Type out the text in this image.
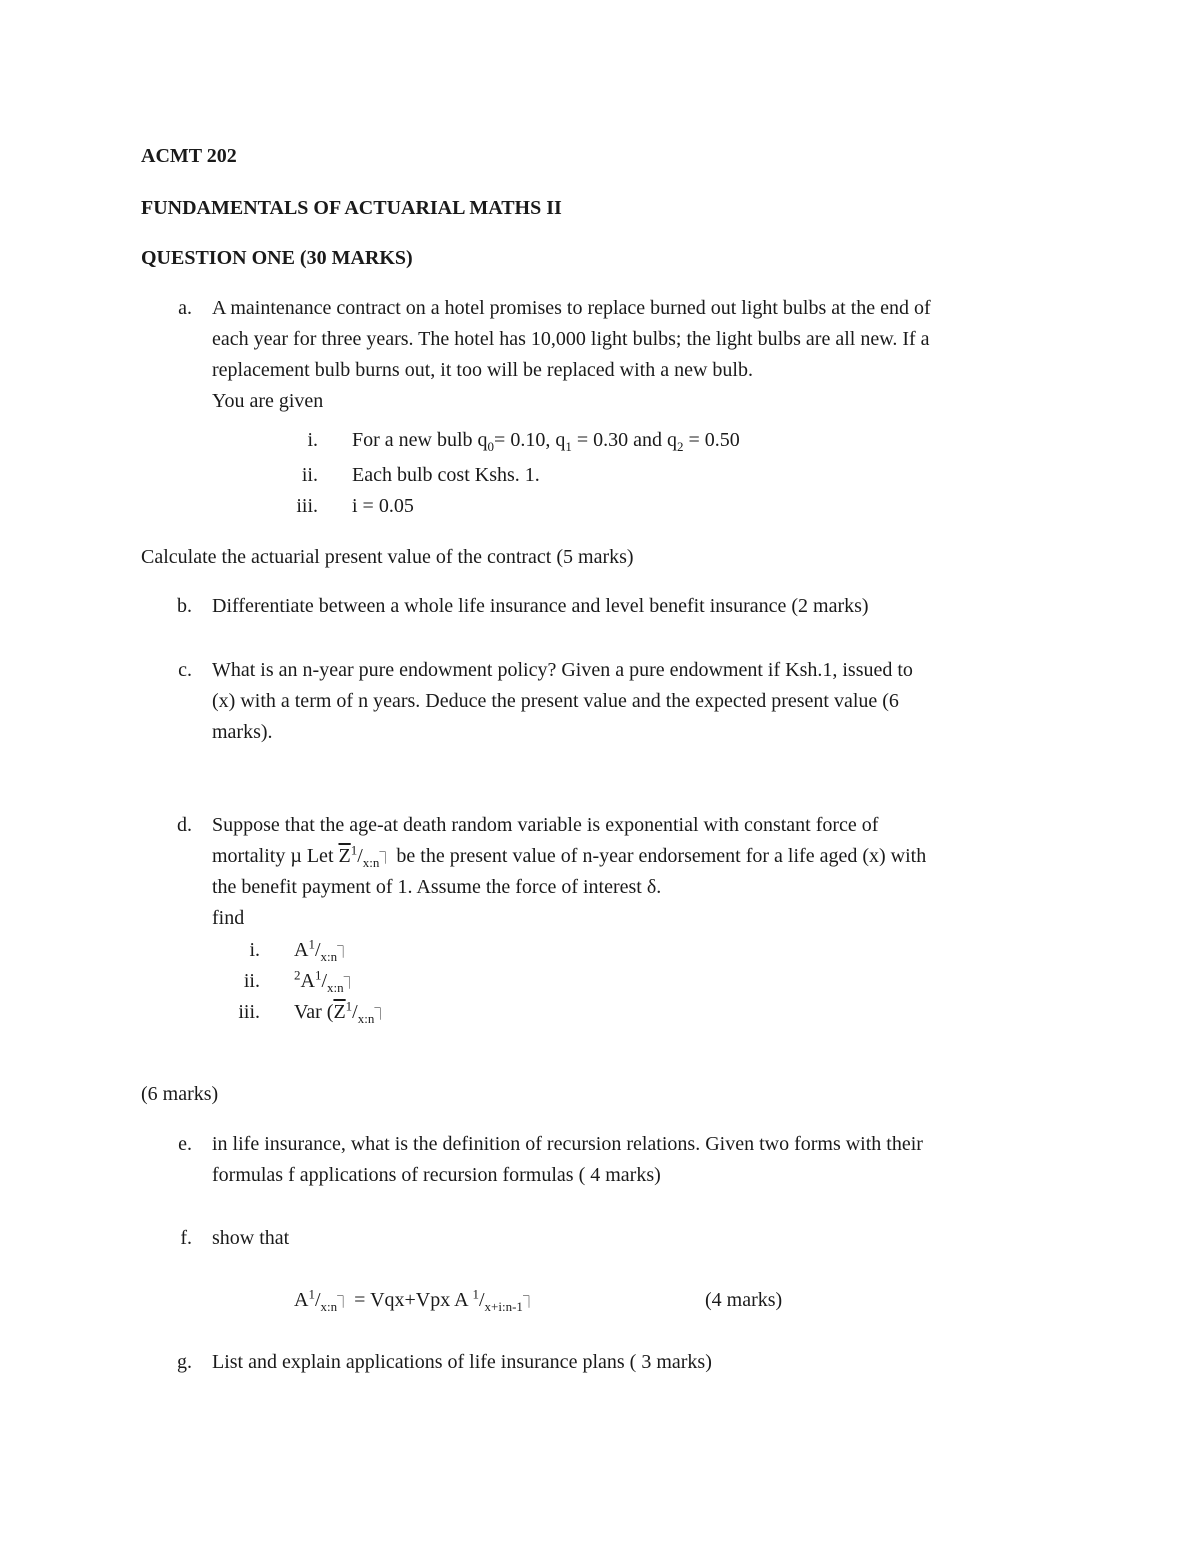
ACMT 202
FUNDAMENTALS OF ACTUARIAL MATHS II
QUESTION ONE (30 MARKS)
a. A maintenance contract on a hotel promises to replace burned out light bulbs at the end of
each year for three years. The hotel has 10,000 light bulbs; the light bulbs are all new. If a
replacement bulb burns out, it too will be replaced with a new bulb.
You are given
i. For a new bulb $q_0= 0.10$, $q_1 = 0.30$ and $q_2 = 0.50$
ii. Each bulb cost Kshs. 1.
iii. i = 0.05
Calculate the actuarial present value of the contract (5 marks)
b. Differentiate between a whole life insurance and level benefit insurance (2 marks)
c. What is an n-year pure endowment policy? Given a pure endowment if Ksh.1, issued to
(x) with a term of n years. Deduce the present value and the expected present value (6
marks).
d. Suppose that the age-at death random variable is exponential with constant force of
mortality µ Let $\overline{Z}^1/_{x:n}⏋$ be the present value of n-year endorsement for a life aged (x) with
the benefit payment of 1. Assume the force of interest δ.
find
i. $A^1/_{x:n}⏋$
ii.	$^2A^1/_{x:n}⏋$
iii. Var ($\overline{Z}^1/_{x:n}⏋$
(6 marks)
e. in life insurance, what is the definition of recursion relations. Given two forms with their
formulas f applications of recursion formulas ( 4 marks)
f. show that
$A^1/_{x:n}⏋ = Vqx+Vpx$ A $^1/_{x+i:n-1}⏋$	(4 marks)
g. List and explain applications of life insurance plans ( 3 marks)
